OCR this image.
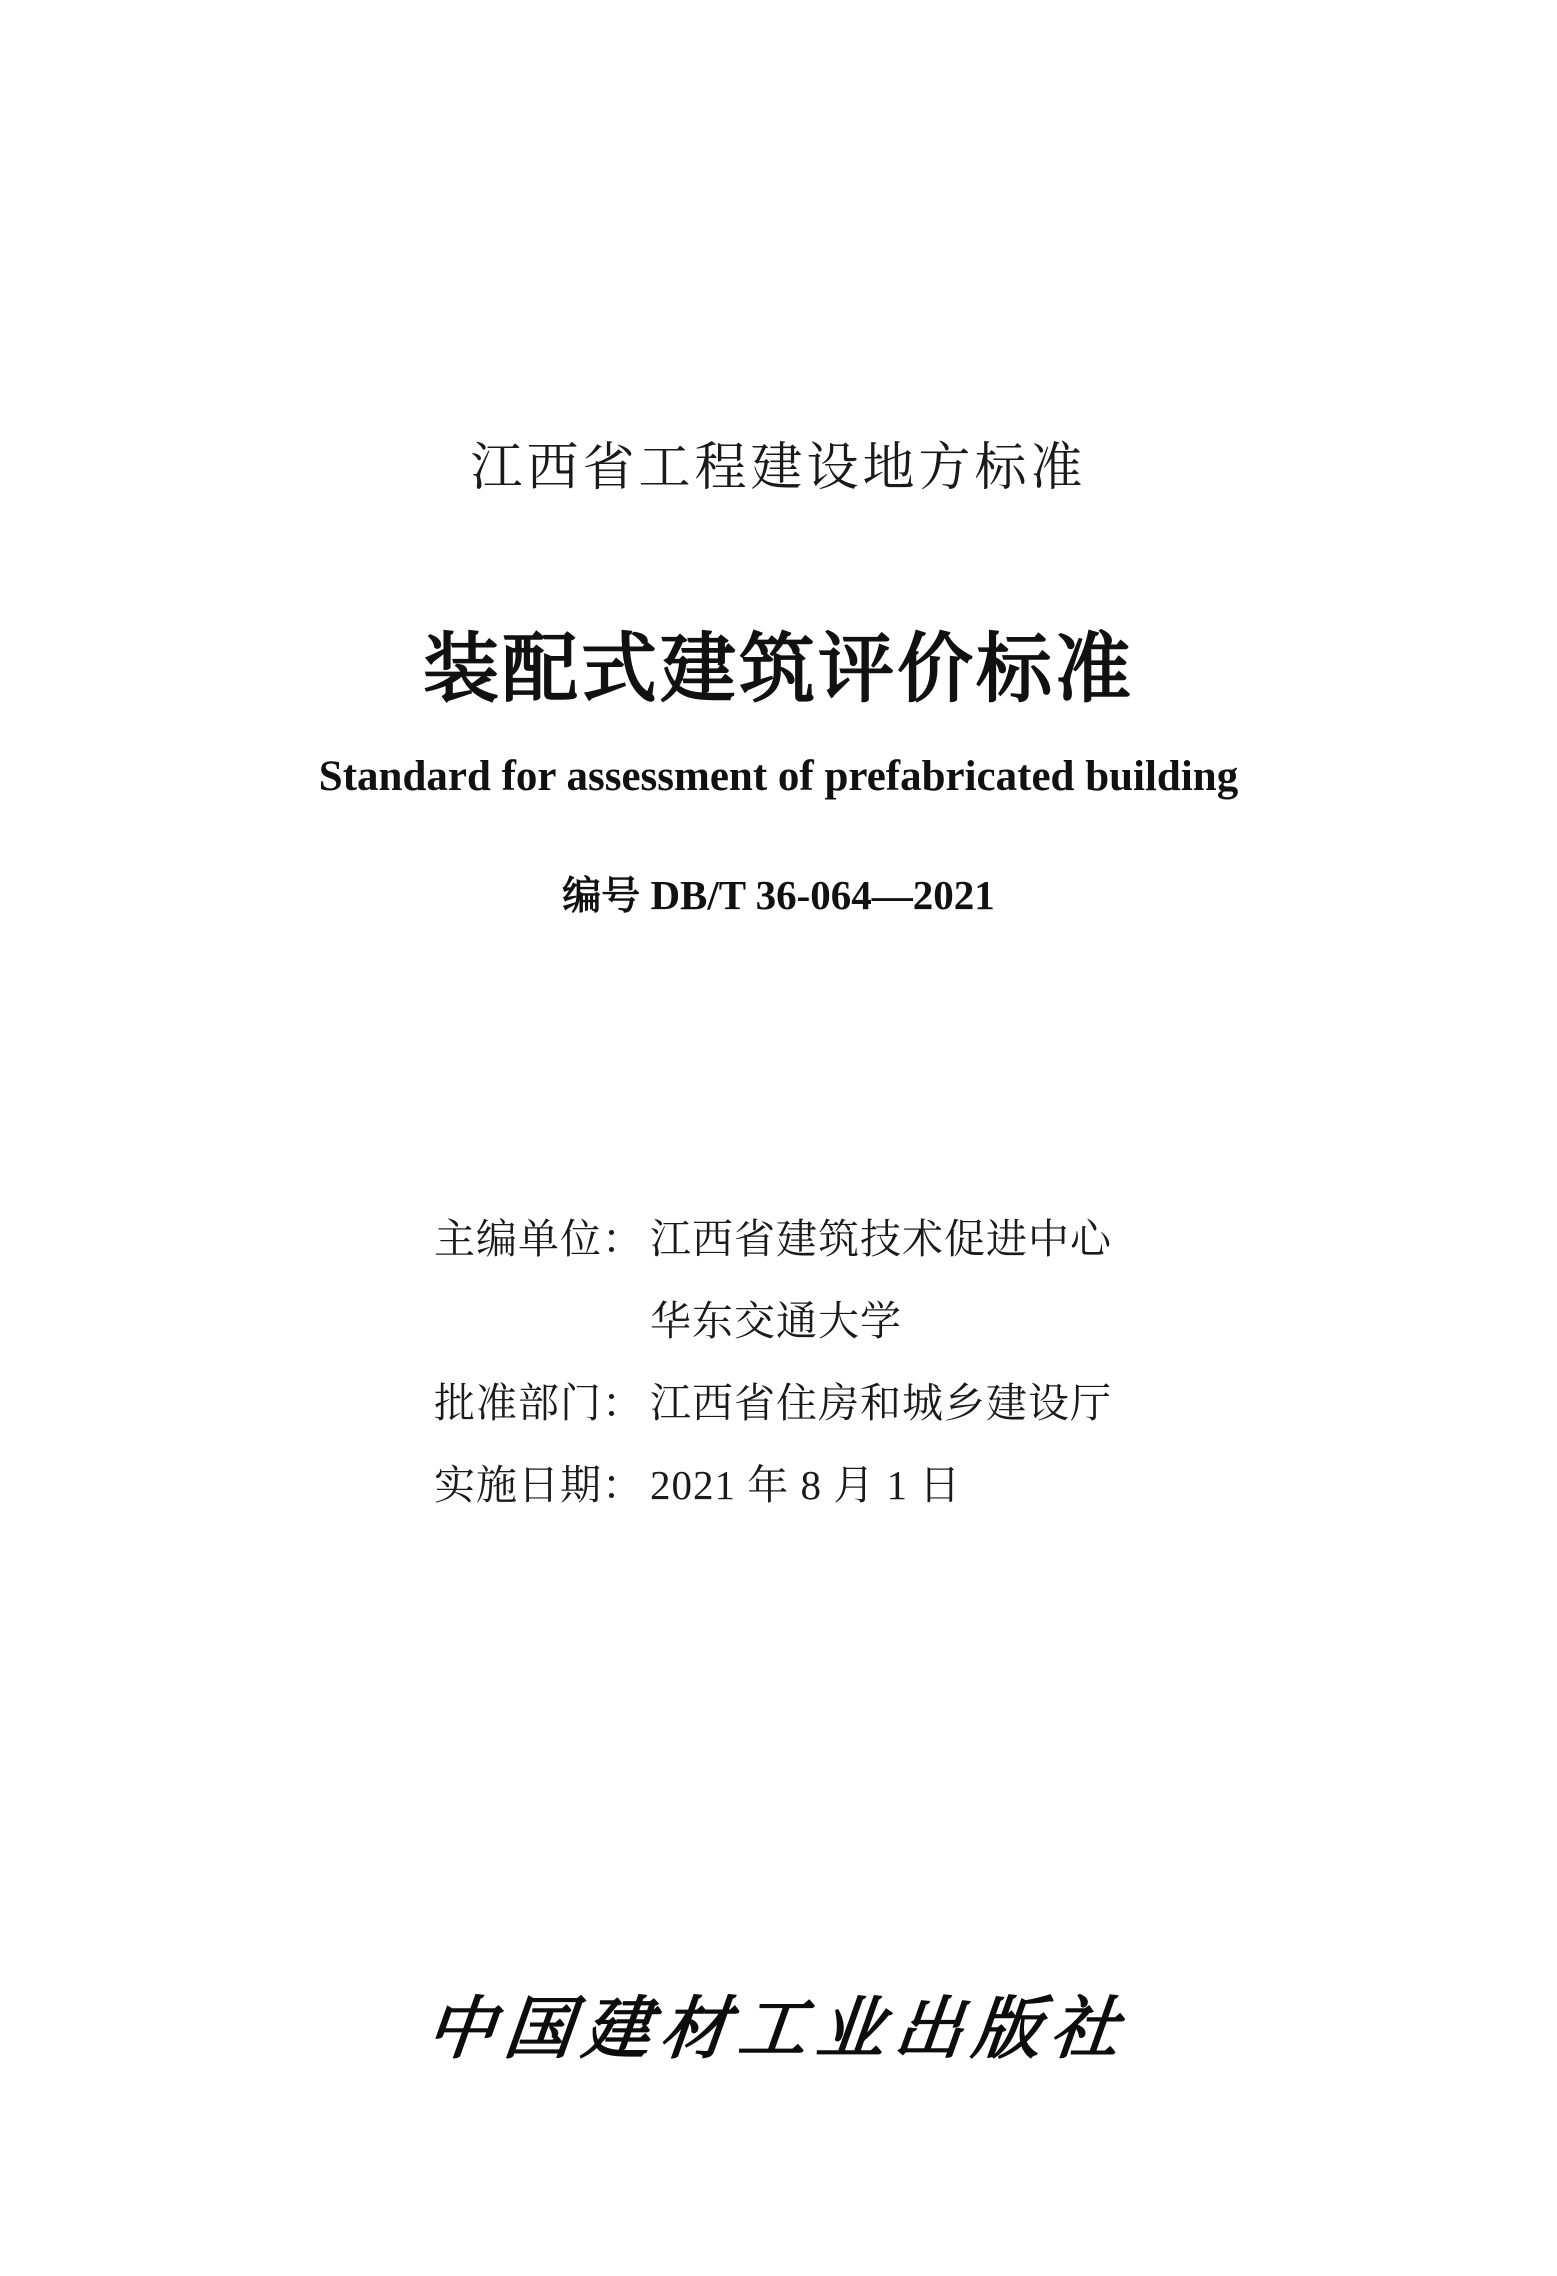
江西省工程建设地方标准
装配式建筑评价标准
Standard for assessment of prefabricated building
编号 DB/T 36-064—2021
主编单位： 江西省建筑技术促进中心
华东交通大学
批准部门： 江西省住房和城乡建设厅
实施日期： 2021 年 8 月 1 日
中国建材工业出版社
